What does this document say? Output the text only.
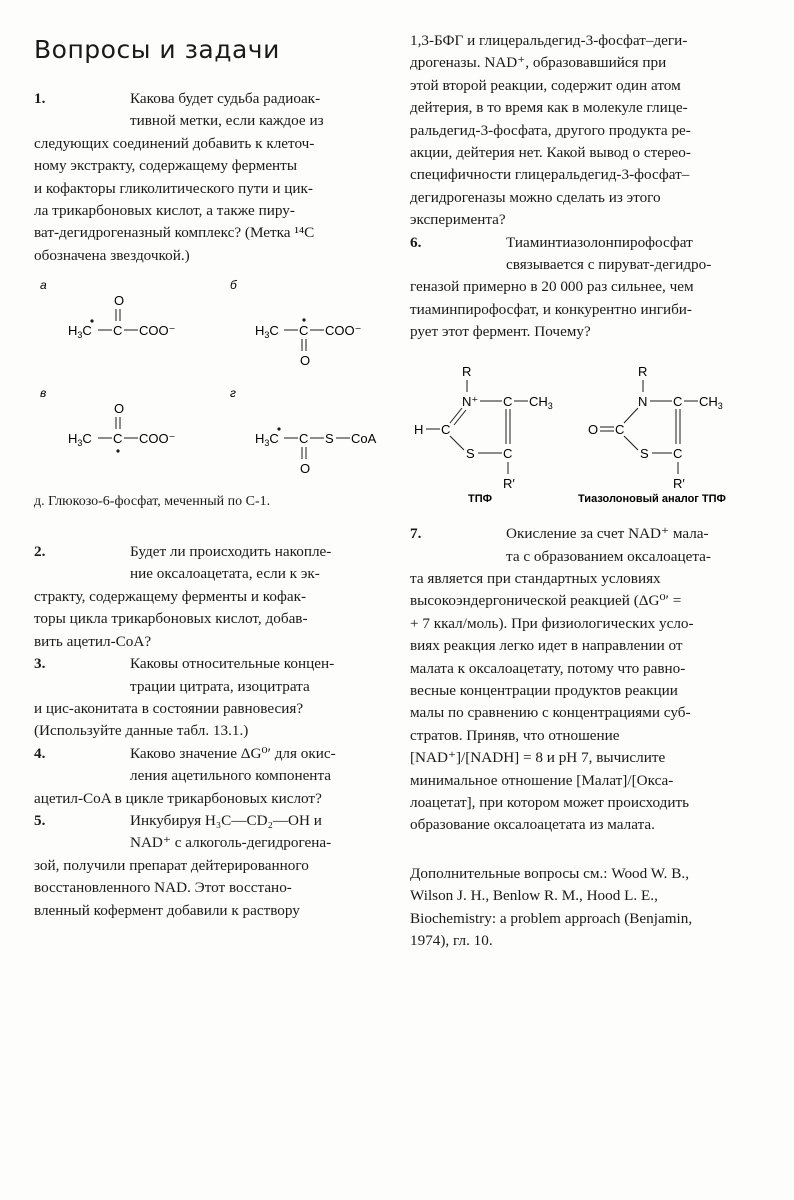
Вопросы и задачи
1.	Какова будет судьба радиоак-

тивной метки, если каждое из

следующих соединений добавить к клеточ-

ному экстракту, содержащему ферменты

и кофакторы гликолитического пути и цик-

ла трикарбоновых кислот, а также пиру-

ват-дегидрогеназный комплекс? (Метка ¹⁴C

обозначена звездочкой.)

а
O
$H_3C$ C COO⁻
б
$H_3C$ C COO⁻
O
в
O
$H_3C$ C COO⁻
г
$H_3C$ C S CoA
O
д. Глюкозо-6-фосфат, меченный по С-1.
2.	Будет ли происходить накопле-

ние оксалоацетата, если к эк-

стракту, содержащему ферменты и кофак-

торы цикла трикарбоновых кислот, добав-

вить ацетил-CoA?

3.	Каковы относительные концен-

трации цитрата, изоцитрата

и цис-аконитата в состоянии равновесия?

(Используйте данные табл. 13.1.)

4.	Каково значение ΔG⁰′ для окис-

ления ацетильного компонента

ацетил-CoA в цикле трикарбоновых кислот?

5.	Инкубируя H₃C—CD₂—OH и

NAD⁺ с алкоголь-дегидрогена-

зой, получили препарат дейтерированного

восстановленного NAD. Этот восстано-

вленный кофермент добавили к раствору

1,3-БФГ и глицеральдегид-3-фосфат–деги-

дрогеназы. NAD⁺, образовавшийся при

этой второй реакции, содержит один атом

дейтерия, в то время как в молекуле глице-

ральдегид-3-фосфата, другого продукта ре-

акции, дейтерия нет. Какой вывод о стерео-

специфичности глицеральдегид-3-фосфат–

дегидрогеназы можно сделать из этого

эксперимента?

6.	Тиаминтиазолонпирофосфат

связывается с пируват-дегидро-

геназой примерно в 20 000 раз сильнее, чем

тиаминпирофосфат, и конкурентно ингиби-

рует этот фермент. Почему?

R
N⁺ C $CH_3$
H C
S C
R′
ТПФ
R
N C $CH_3$
O C
S C
R′
Тиазолоновый аналог ТПФ
7.	Окисление за счет NAD⁺ мала-

та с образованием оксалоацета-

та является при стандартных условиях

высокоэндергонической реакцией (ΔG⁰′ =

+ 7 ккал/моль). При физиологических усло-

виях реакция легко идет в направлении от

малата к оксалоацетату, потому что равно-

весные концентрации продуктов реакции

малы по сравнению с концентрациями суб-

стратов. Приняв, что отношение

[NAD⁺]/[NADH] = 8 и pH 7, вычислите

минимальное отношение [Малат]/[Окса-

лоацетат], при котором может происходить

образование оксалоацетата из малата.

Дополнительные вопросы см.: Wood W. B.,

Wilson J. H., Benlow R. M., Hood L. E.,

Biochemistry: a problem approach (Benjamin,

1974), гл. 10.
